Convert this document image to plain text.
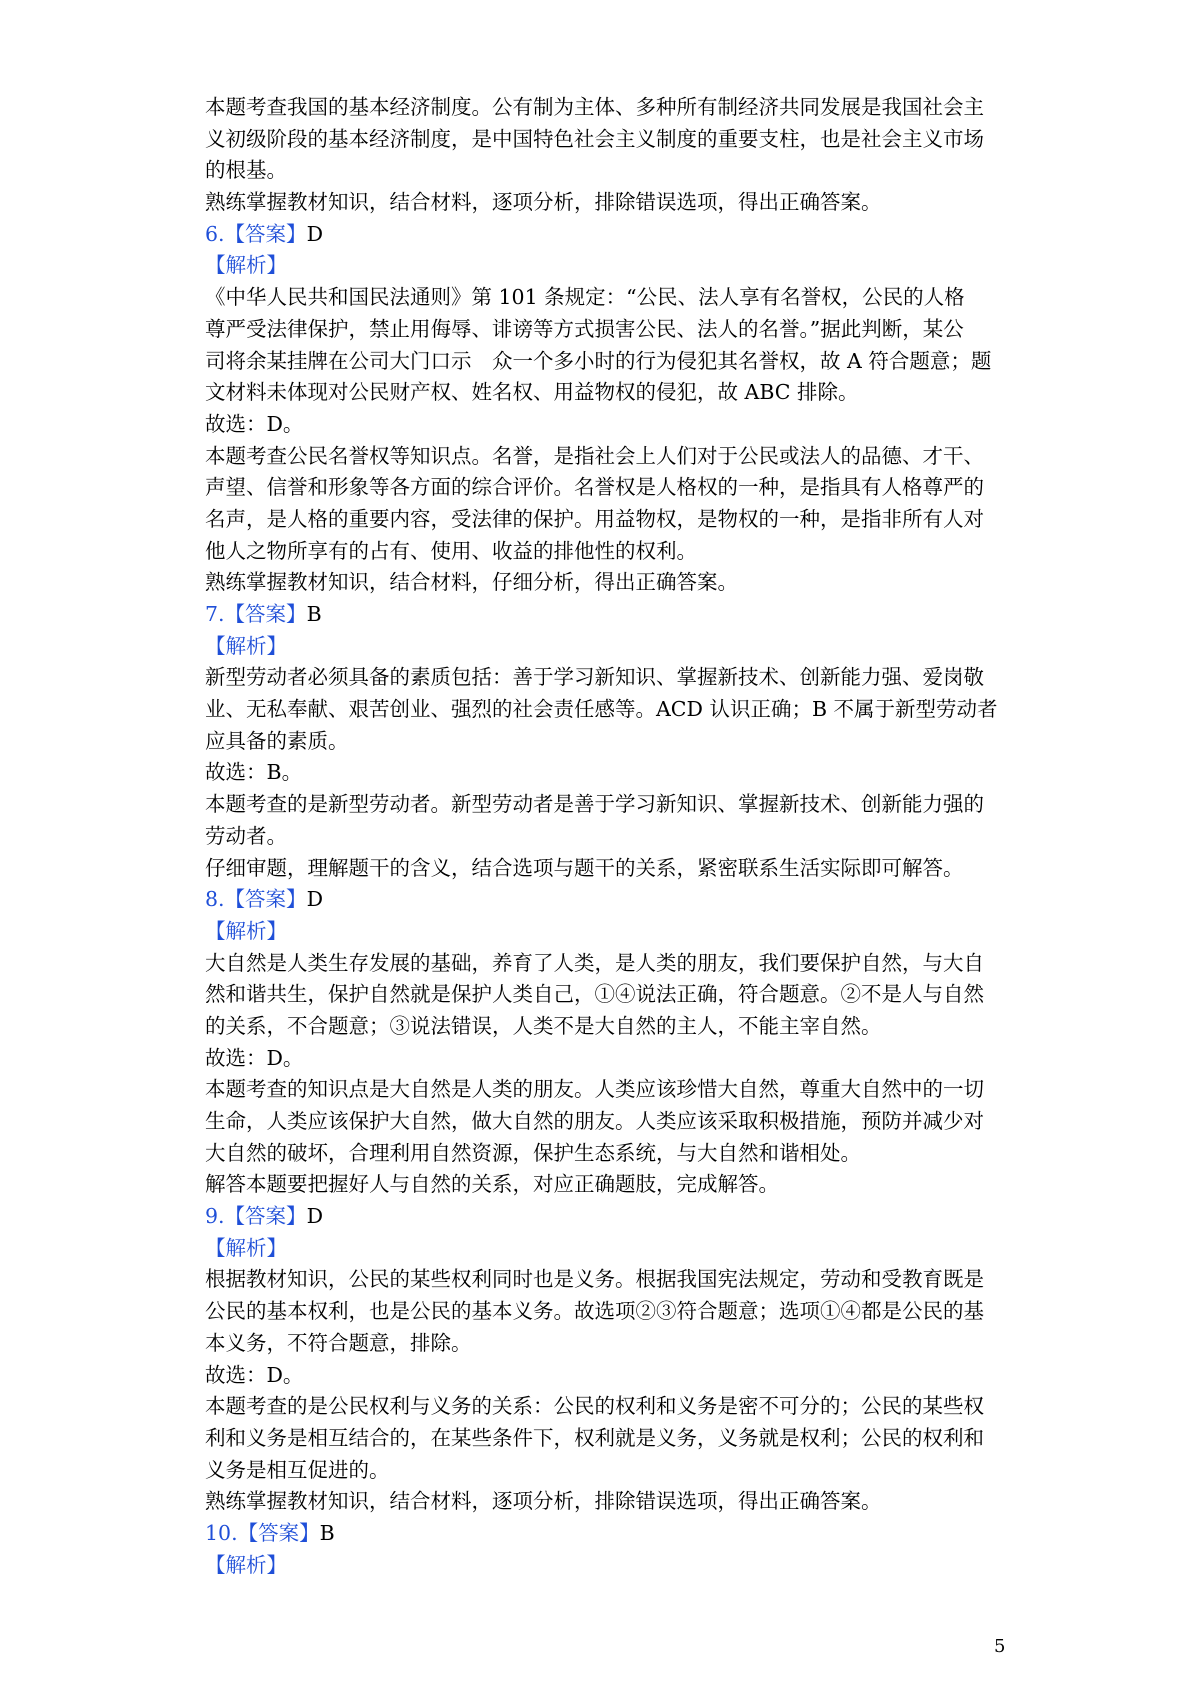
本题考查我国的基本经济制度。公有制为主体、多种所有制经济共同发展是我国社会主
义初级阶段的基本经济制度，是中国特色社会主义制度的重要支柱，也是社会主义市场
的根基。
熟练掌握教材知识，结合材料，逐项分析，排除错误选项，得出正确答案。
6.【答案】D
【解析】
《中华人民共和国民法通则》第 101 条规定：“公民、法人享有名誉权，公民的人格
尊严受法律保护，禁止用侮辱、诽谤等方式损害公民、法人的名誉。”据此判断，某公
司将余某挂牌在公司大门口示　众一个多小时的行为侵犯其名誉权，故 A 符合题意；题
文材料未体现对公民财产权、姓名权、用益物权的侵犯，故 ABC 排除。
故选：D。
本题考查公民名誉权等知识点。名誉，是指社会上人们对于公民或法人的品德、才干、
声望、信誉和形象等各方面的综合评价。名誉权是人格权的一种，是指具有人格尊严的
名声，是人格的重要内容，受法律的保护。用益物权，是物权的一种，是指非所有人对
他人之物所享有的占有、使用、收益的排他性的权利。
熟练掌握教材知识，结合材料，仔细分析，得出正确答案。
7.【答案】B
【解析】
新型劳动者必须具备的素质包括：善于学习新知识、掌握新技术、创新能力强、爱岗敬
业、无私奉献、艰苦创业、强烈的社会责任感等。ACD 认识正确；B 不属于新型劳动者
应具备的素质。
故选：B。
本题考查的是新型劳动者。新型劳动者是善于学习新知识、掌握新技术、创新能力强的
劳动者。
仔细审题，理解题干的含义，结合选项与题干的关系，紧密联系生活实际即可解答。
8.【答案】D
【解析】
大自然是人类生存发展的基础，养育了人类，是人类的朋友，我们要保护自然，与大自
然和谐共生，保护自然就是保护人类自己，①④说法正确，符合题意。②不是人与自然
的关系，不合题意；③说法错误，人类不是大自然的主人，不能主宰自然。
故选：D。
本题考查的知识点是大自然是人类的朋友。人类应该珍惜大自然，尊重大自然中的一切
生命，人类应该保护大自然，做大自然的朋友。人类应该采取积极措施，预防并减少对
大自然的破坏，合理利用自然资源，保护生态系统，与大自然和谐相处。
解答本题要把握好人与自然的关系，对应正确题肢，完成解答。
9.【答案】D
【解析】
根据教材知识，公民的某些权利同时也是义务。根据我国宪法规定，劳动和受教育既是
公民的基本权利，也是公民的基本义务。故选项②③符合题意；选项①④都是公民的基
本义务，不符合题意，排除。
故选：D。
本题考查的是公民权利与义务的关系：公民的权利和义务是密不可分的；公民的某些权
利和义务是相互结合的，在某些条件下，权利就是义务，义务就是权利；公民的权利和
义务是相互促进的。
熟练掌握教材知识，结合材料，逐项分析，排除错误选项，得出正确答案。
10.【答案】B
【解析】
5
